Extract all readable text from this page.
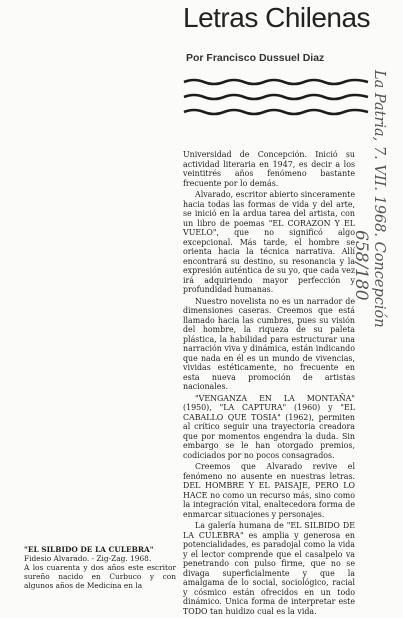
Letras Chilenas
Por Francisco Dussuel Diaz
La Patria, 7. VII. 1968. Concepción
658/180

Universidad de Concepción. Inició su actividad literaria en 1947, es decir a los veintitrés años fenómeno bastante frecuente por lo demás.

Alvarado, escritor abierto sinceramente hacia todas las formas de vida y del arte, se inició en la ardua tarea del artista, con un libro de poemas "EL CORAZON Y EL VUELO", que no significó algo excepcional. Más tarde, el hombre se orienta hacia la técnica narrativa. Allí encontrará su destino, su resonancia y la expresión auténtica de su yo, que cada vez irá adquiriendo mayor perfección y profundidad humanas.

Nuestro novelista no es un narrador de dimensiones caseras. Creemos que está llamado hacia las cumbres, pues su visión del hombre, la riqueza de su paleta plástica, la habilidad para estructurar una narración viva y dinámica, están indicando que nada en él es un mundo de vivencias, vividas estéticamente, no frecuente en esta nueva promoción de artistas nacionales.

"VENGANZA EN LA MONTAÑA" (1950), "LA CAPTURA" (1960) y "EL CABALLO QUE TOSIA" (1962), permiten al crítico seguir una trayectoria creadora que por momentos engendra la duda. Sin embargo se le han otorgado premios, codiciados por no pocos consagrados.

Creemos que Alvarado revive el fenómeno no ausente en nuestras letras. DEL HOMBRE Y EL PAISAJE, PERO LO HACE no como un recurso más, sino como la integración vital, enaltecedora forma de enmarcar situaciones y personajes.

La galería humana de "EL SILBIDO DE LA CULEBRA" es amplia y generosa en potencialidades, es paradojal como la vida y el lector comprende que el casalpelo va penetrando con pulso firme, que no se divaga superficialmente y que la amalgama de lo social, sociológico, racial y cósmico están ofrecidos en un todo dinámico. Unica forma de interpretar este TODO tan huidizo cual es la vida.

"EL SILBIDO DE LA CULEBRA"
Fidesio Alvarado. - Zig-Zag. 1968.
A los cuarenta y dos años este escritor sureño nacido en Curbuco y con algunos años de Medicina en la
